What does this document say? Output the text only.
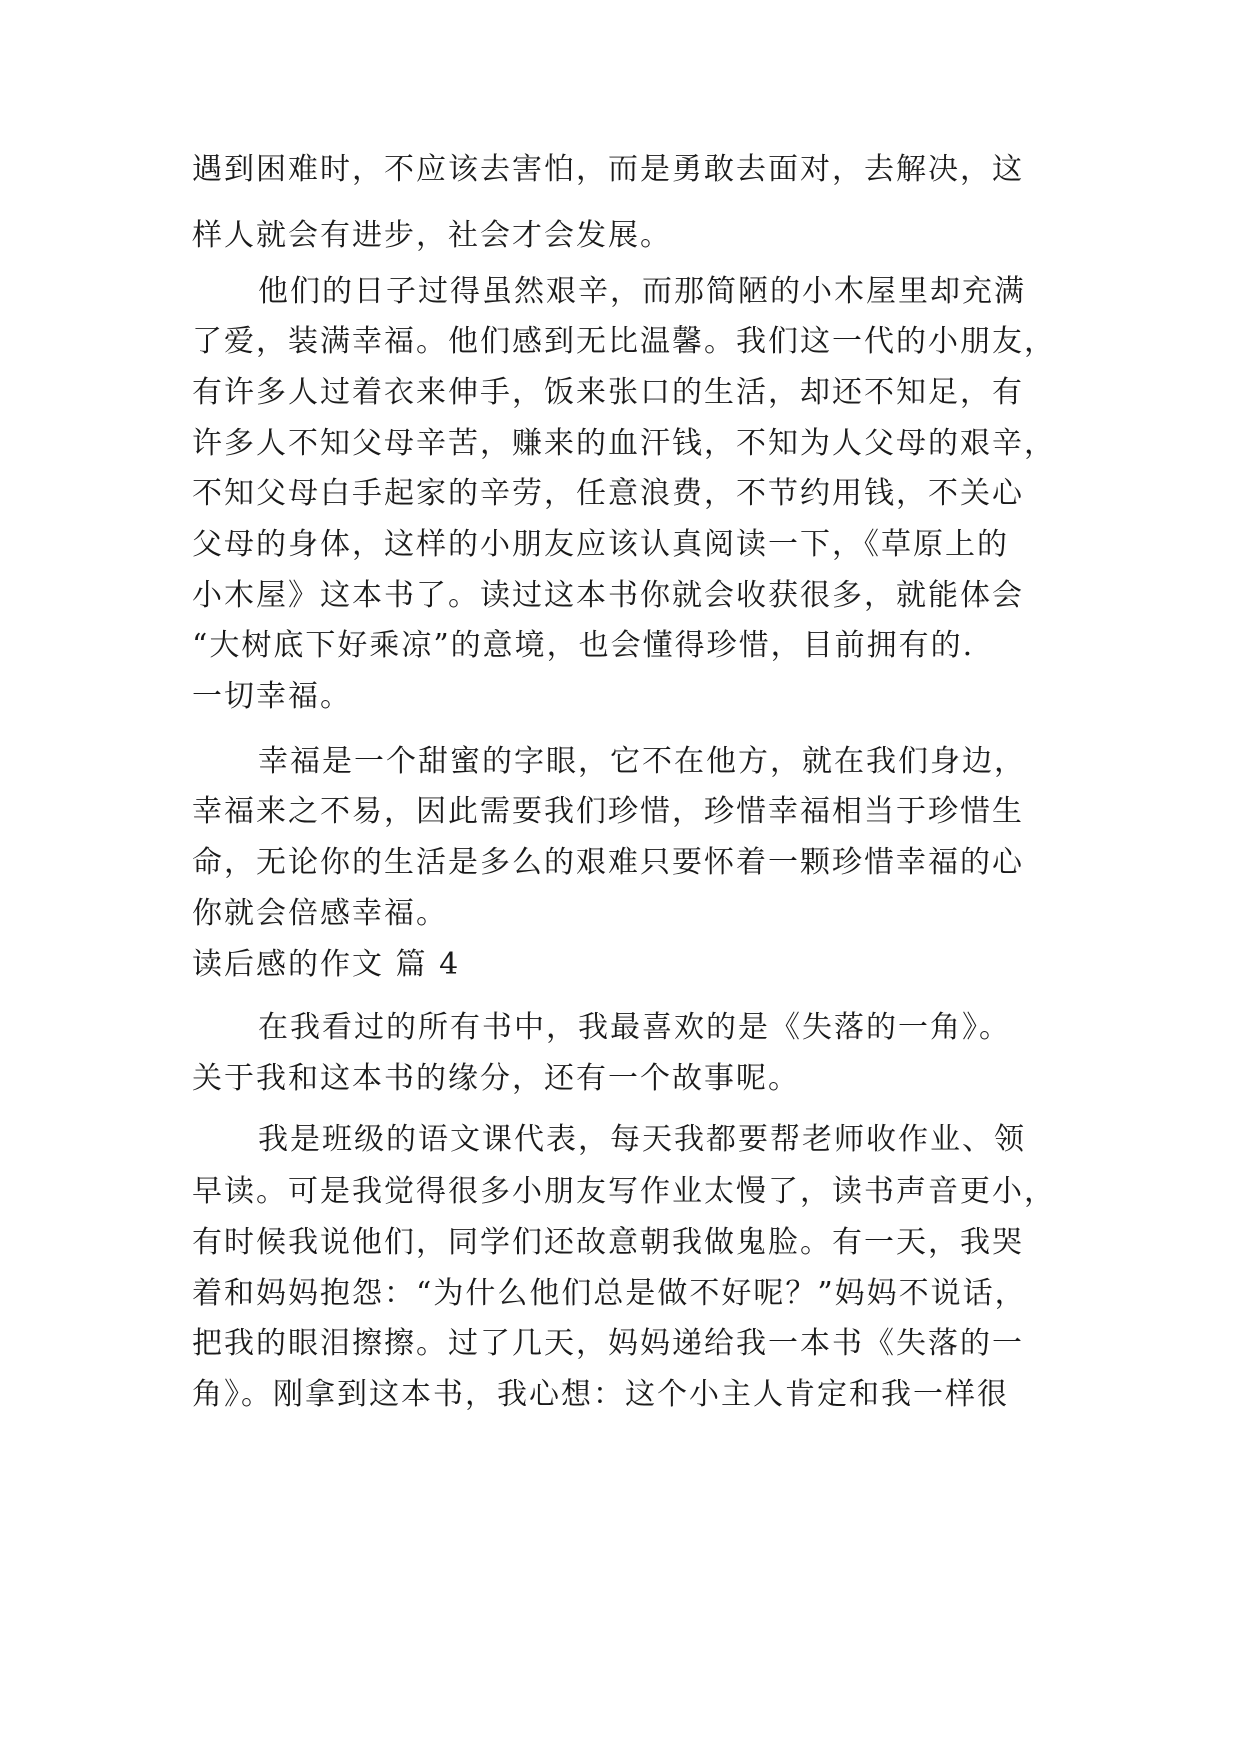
遇到困难时，不应该去害怕，而是勇敢去面对，去解决，这
样人就会有进步，社会才会发展。
他们的日子过得虽然艰辛，而那简陋的小木屋里却充满
了爱，装满幸福。他们感到无比温馨。我们这一代的小朋友，
有许多人过着衣来伸手，饭来张口的生活，却还不知足，有
许多人不知父母辛苦，赚来的血汗钱，不知为人父母的艰辛，
不知父母白手起家的辛劳，任意浪费，不节约用钱，不关心
父母的身体，这样的小朋友应该认真阅读一下，《草原上的
小木屋》这本书了。读过这本书你就会收获很多，就能体会
“大树底下好乘凉”的意境，也会懂得珍惜，目前拥有的.
一切幸福。
幸福是一个甜蜜的字眼，它不在他方，就在我们身边，
幸福来之不易，因此需要我们珍惜，珍惜幸福相当于珍惜生
命，无论你的生活是多么的艰难只要怀着一颗珍惜幸福的心
你就会倍感幸福。
读后感的作文 篇 4
在我看过的所有书中，我最喜欢的是《失落的一角》。
关于我和这本书的缘分，还有一个故事呢。
我是班级的语文课代表，每天我都要帮老师收作业、领
早读。可是我觉得很多小朋友写作业太慢了，读书声音更小，
有时候我说他们，同学们还故意朝我做鬼脸。有一天，我哭
着和妈妈抱怨：“为什么他们总是做不好呢？”妈妈不说话，
把我的眼泪擦擦。过了几天，妈妈递给我一本书《失落的一
角》。刚拿到这本书，我心想：这个小主人肯定和我一样很
